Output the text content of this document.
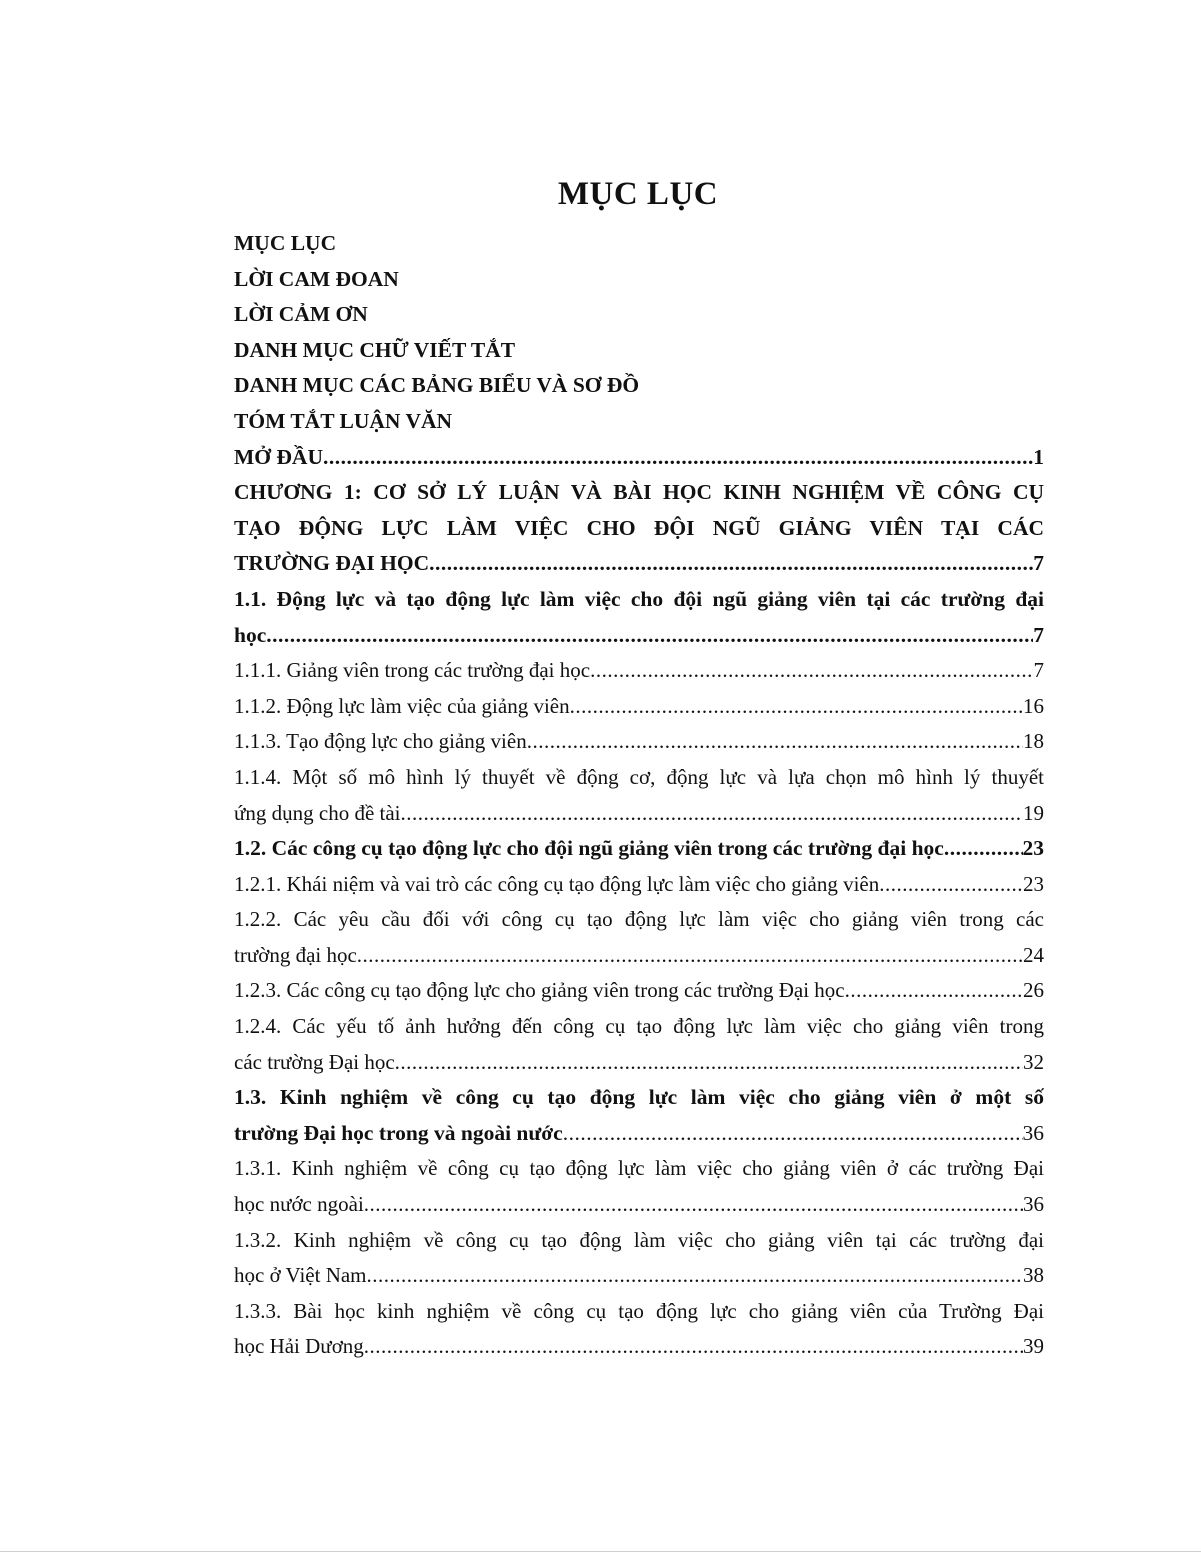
MỤC LỤC
MỤC LỤC
LỜI CAM ĐOAN
LỜI CẢM ƠN
DANH MỤC CHỮ VIẾT TẮT
DANH MỤC CÁC BẢNG BIỂU VÀ SƠ ĐỒ
TÓM TẮT LUẬN VĂN
MỞ ĐẦU .....	1
CHƯƠNG 1: CƠ SỞ LÝ LUẬN VÀ BÀI HỌC KINH NGHIỆM VỀ CÔNG CỤ
TẠO ĐỘNG LỰC LÀM VIỆC CHO ĐỘI NGŨ GIẢNG VIÊN TẠI CÁC
TRƯỜNG ĐẠI HỌC .....	7
1.1. Động lực và tạo động lực làm việc cho đội ngũ giảng viên tại các trường đại
học .....	7
1.1.1. Giảng viên trong các trường đại học .....	7
1.1.2. Động lực làm việc của giảng viên .....	16
1.1.3. Tạo động lực cho giảng viên .....	18
1.1.4. Một số mô hình lý thuyết về động cơ, động lực và lựa chọn mô hình lý thuyết
ứng dụng cho đề tài .....	19
1.2. Các công cụ tạo động lực cho đội ngũ giảng viên trong các trường đại học .....	23
1.2.1. Khái niệm và vai trò các công cụ tạo động lực làm việc cho giảng viên .....	23
1.2.2. Các yêu cầu đối với công cụ tạo động lực làm việc cho giảng viên trong các
trường đại học .....	24
1.2.3. Các công cụ tạo động lực cho giảng viên trong các trường Đại học .....	26
1.2.4. Các yếu tố ảnh hưởng đến công cụ tạo động lực làm việc cho giảng viên trong
các trường Đại học .....	32
1.3. Kinh nghiệm về công cụ tạo động lực làm việc cho giảng viên ở một số
trường Đại học trong và ngoài nước .....	36
1.3.1. Kinh nghiệm về công cụ tạo động lực làm việc cho giảng viên ở các trường Đại
học nước ngoài .....	36
1.3.2. Kinh nghiệm về công cụ tạo động làm việc cho giảng viên tại các trường đại
học ở Việt Nam .....	38
1.3.3. Bài học kinh nghiệm về công cụ tạo động lực cho giảng viên của Trường Đại
học Hải Dương .....	39
